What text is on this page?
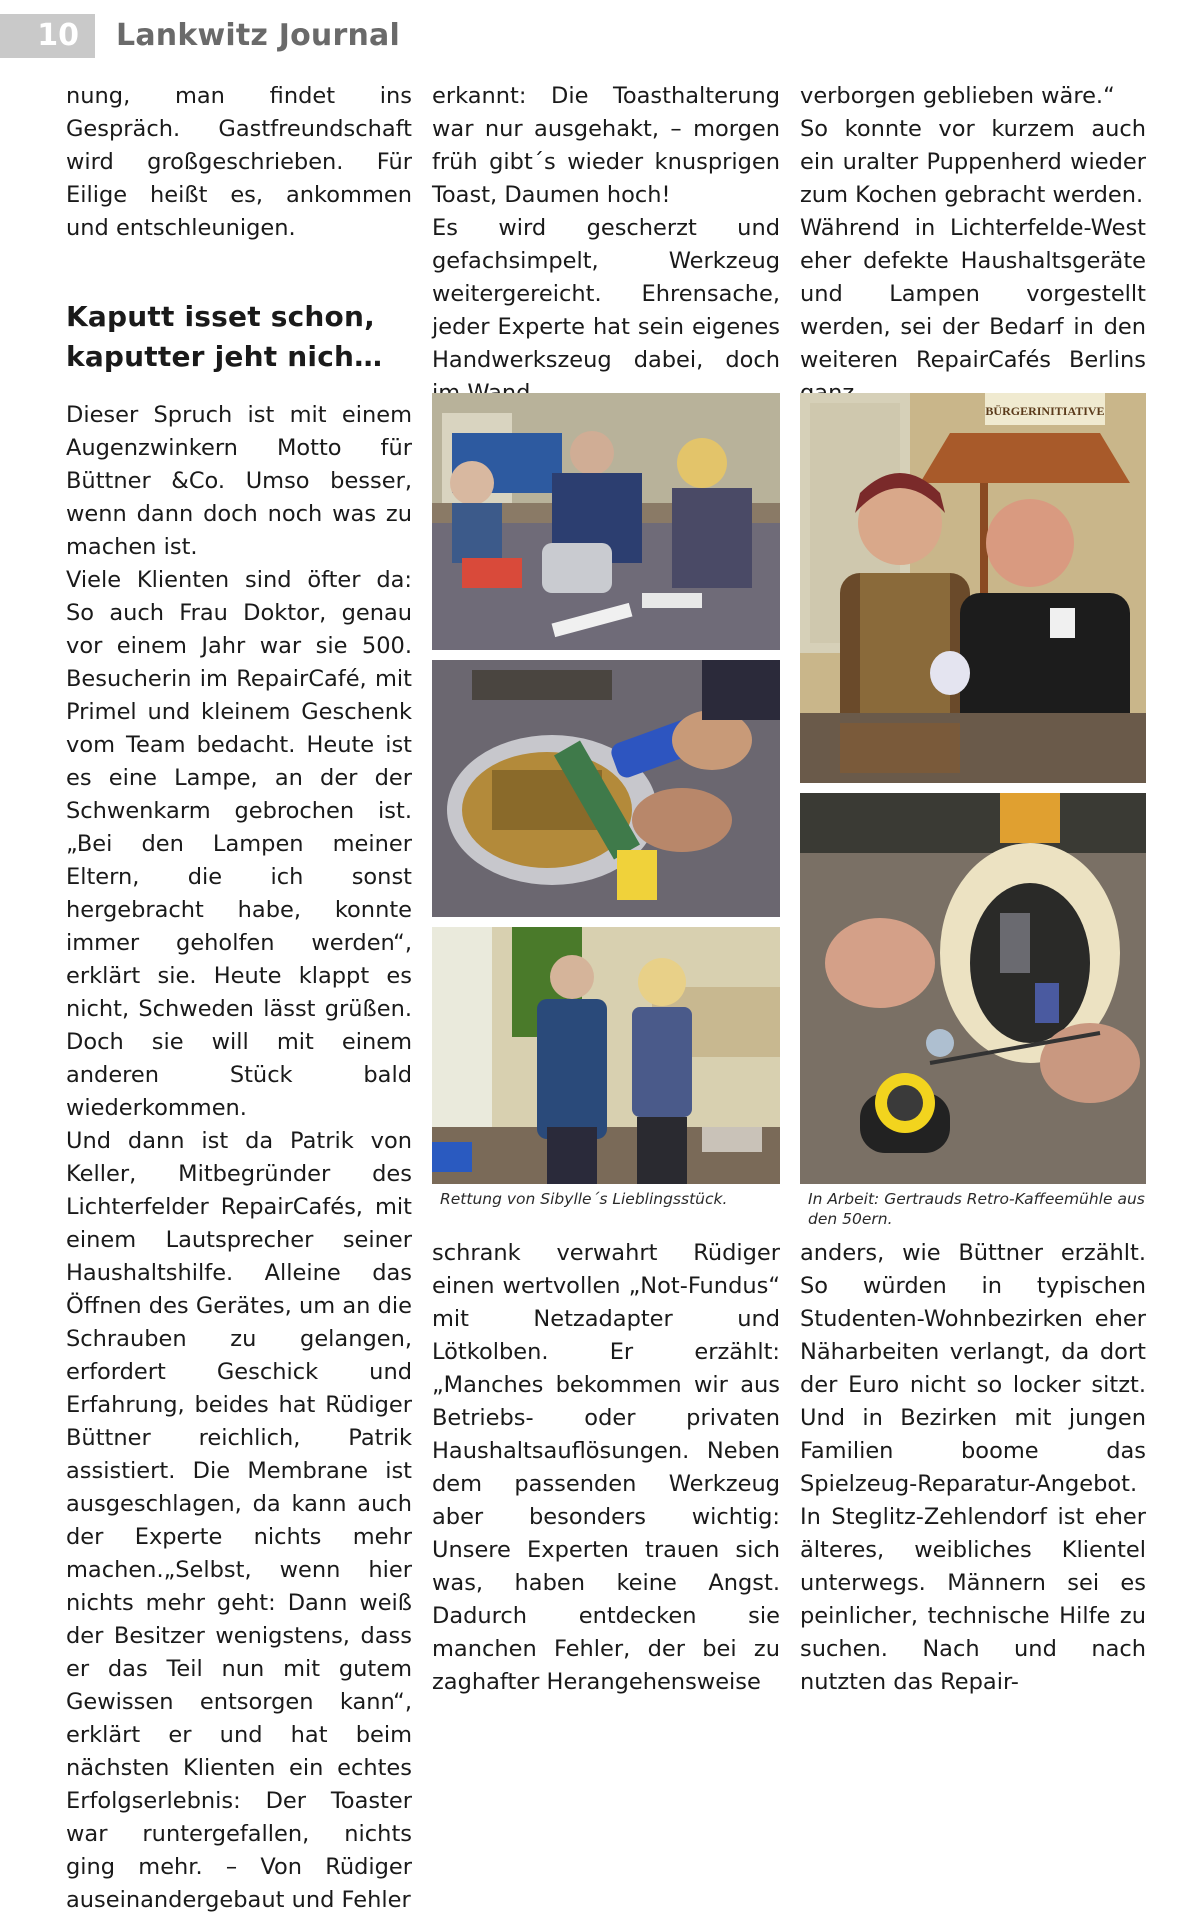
10	Lankwitz Journal

nung, man findet ins Gespräch. Gastfreundschaft wird großgeschrieben. Für Eilige heißt es, ankommen und entschleunigen.

Kaputt isset schon, kaputter jeht nich…

Dieser Spruch ist mit einem Augenzwinkern Motto für Büttner &Co. Umso besser, wenn dann doch noch was zu machen ist.

Viele Klienten sind öfter da: So auch Frau Doktor, genau vor einem Jahr war sie 500. Besucherin im RepairCafé, mit Primel und kleinem Geschenk vom Team bedacht. Heute ist es eine Lampe, an der der Schwenkarm gebrochen ist.„Bei den Lampen meiner Eltern, die ich sonst hergebracht habe, konnte immer geholfen werden“, erklärt sie. Heute klappt es nicht, Schweden lässt grüßen. Doch sie will mit einem anderen Stück bald wiederkommen.

Und dann ist da Patrik von Keller, Mitbegründer des Lichterfelder RepairCafés, mit einem Lautsprecher seiner Haushaltshilfe. Alleine das Öffnen des Gerätes, um an die Schrauben zu gelangen, erfordert Geschick und Erfahrung, beides hat Rüdiger Büttner reichlich, Patrik assistiert. Die Membrane ist ausgeschlagen, da kann auch der Experte nichts mehr machen.„Selbst, wenn hier nichts mehr geht: Dann weiß der Besitzer wenigstens, dass er das Teil nun mit gutem Gewissen entsorgen kann“, erklärt er und hat beim nächsten Klienten ein echtes Erfolgserlebnis: Der Toaster war runtergefallen, nichts ging mehr. – Von Rüdiger auseinandergebaut und Fehler

erkannt: Die Toasthalterung war nur ausgehakt, – morgen früh gibt´s wieder knusprigen Toast, Daumen hoch!

Es wird gescherzt und gefachsimpelt, Werkzeug weitergereicht. Ehrensache, jeder Experte hat sein eigenes Handwerkszeug dabei, doch

verborgen geblieben wäre.“

So konnte vor kurzem auch ein uralter Puppenherd wieder zum Kochen gebracht werden.

Während in Lichterfelde-West eher defekte Haushaltsgeräte und Lampen vorgestellt werden, sei der Bedarf in den weiteren RepairCafés Berlins

Rettung von Sibylle´s Lieblingsstück.
BÜRGERINITIATIVE
In Arbeit: Gertrauds Retro-Kaffeemühle aus den 50ern.

schrank verwahrt Rüdiger einen wertvollen „Not-Fundus“ mit Netzadapter und Lötkolben. Er erzählt: „Manches bekommen wir aus Betriebs- oder privaten Haushaltsauflösungen. Neben dem passenden Werkzeug aber besonders wichtig: Unsere Experten trauen sich was, haben keine Angst. Dadurch entdecken sie manchen Fehler, der bei zu zaghafter Herangehensweise

anders, wie Büttner erzählt. So würden in typischen Studenten-Wohnbezirken eher Näharbeiten verlangt, da dort der Euro nicht so locker sitzt. Und in Bezirken mit jungen Familien boome das Spielzeug-Reparatur-Angebot.

In Steglitz-Zehlendorf ist eher älteres, weibliches Klientel unterwegs. Männern sei es peinlicher, technische Hilfe zu suchen. Nach und nach nutzten das Repair-
